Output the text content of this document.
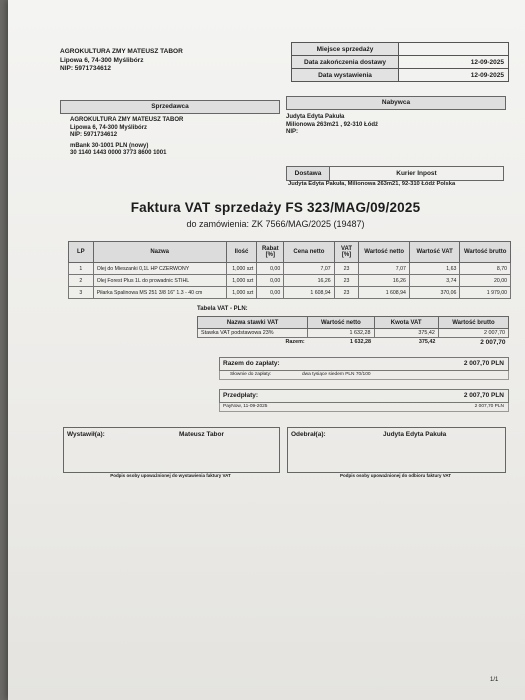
AGROKULTURA ZMY MATEUSZ TABOR
Lipowa 6, 74-300 Myślibórz
NIP: 5971734612
Miejsce sprzedaży	
Data zakończenia dostawy	12-09-2025
Data wystawienia	12-09-2025
Sprzedawca
AGROKULTURA ZMY MATEUSZ TABOR
Lipowa 6, 74-300 Myślibórz
NIP: 5971734612
mBank 30-1001 PLN (nowy)
30 1140 1443 0000 3773 8600 1001
Nabywca
Judyta Edyta Pakuła
Milionowa 263m21 , 92-310 Łódź
NIP:
Dostawa	Kurier Inpost
Judyta Edyta Pakuła, Milionowa 263m21, 92-310 Łódź Polska
Faktura VAT sprzedaży FS 323/MAG/09/2025
do zamówienia: ZK 7566/MAG/2025 (19487)
LP	Nazwa	Ilość	Rabat [%]	Cena netto	VAT [%]	Wartość netto	Wartość VAT	Wartość brutto
1	Olej do Mieszanki 0,1L HP CZERWONY	1,000 szt	0,00	7,07	23	7,07	1,63	8,70
2	Olej Forest Plus 1L do prowadnic STIHL	1,000 szt	0,00	16,26	23	16,26	3,74	20,00
3	Piłarka Spalinowa MS 251 3/8 16" 1.3 - 40 cm	1,000 szt	0,00	1 608,94	23	1 608,94	370,06	1 979,00
Tabela VAT - PLN:
Nazwa stawki VAT	Wartość netto	Kwota VAT	Wartość brutto
Stawka VAT podstawowa 23%	1 632,28	375,42	2 007,70
Razem:	1 632,28	375,42	2 007,70
Razem do zapłaty:	2 007,70 PLN
Słownie do zapłaty:	dwa tysiące siedem PLN 70/100
Przedpłaty:	2 007,70 PLN
PayNow, 11-09-2025	2 007,70 PLN
Wystawił(a):	Mateusz Tabor
Podpis osoby upoważnionej do wystawienia faktury VAT
Odebrał(a):	Judyta Edyta Pakuła
Podpis osoby upoważnionej do odbioru faktury VAT
1/1
